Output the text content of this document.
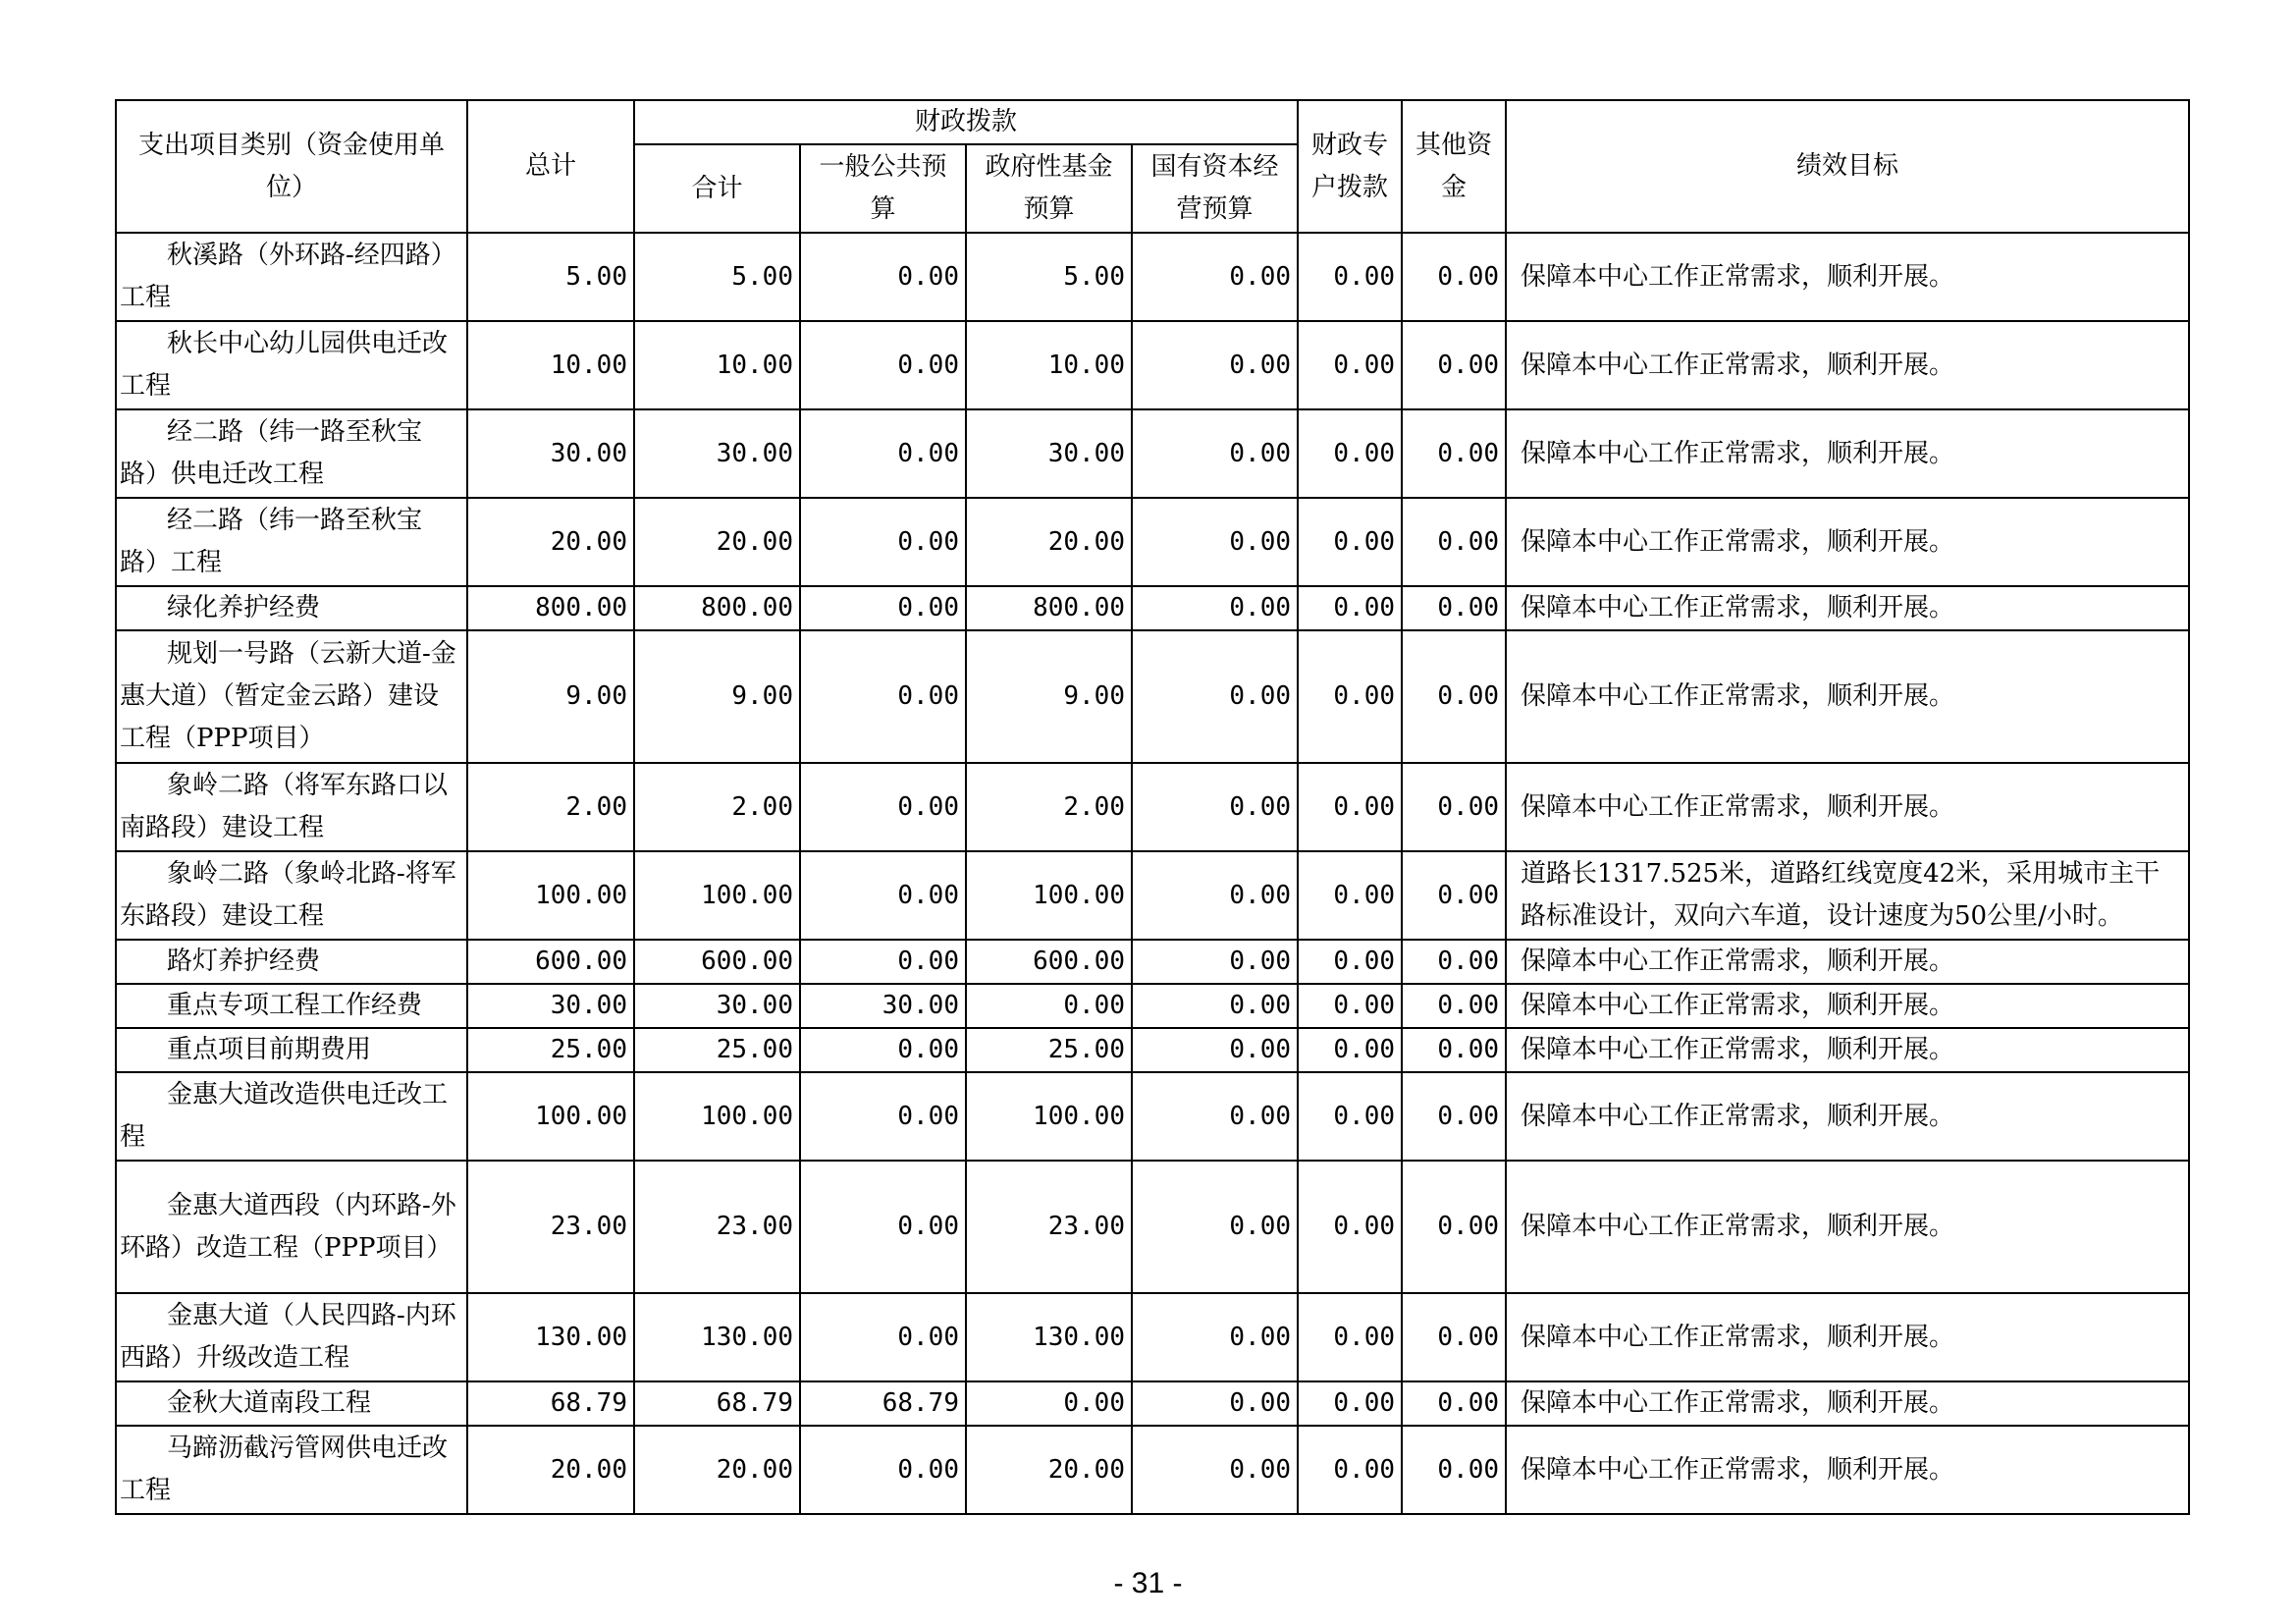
支出项目类别（资金使用单位）	总计	财政拨款				财政专户拨款	其他资金	绩效目标
		合计	一般公共预算	政府性基金预算	国有资本经营预算			

秋溪路（外环路-经四路）工程	5.00	5.00	0.00	5.00	0.00	0.00	0.00	保障本中心工作正常需求，顺利开展。

秋长中心幼儿园供电迁改工程	10.00	10.00	0.00	10.00	0.00	0.00	0.00	保障本中心工作正常需求，顺利开展。

经二路（纬一路至秋宝路）供电迁改工程	30.00	30.00	0.00	30.00	0.00	0.00	0.00	保障本中心工作正常需求，顺利开展。

经二路（纬一路至秋宝路）工程	20.00	20.00	0.00	20.00	0.00	0.00	0.00	保障本中心工作正常需求，顺利开展。

绿化养护经费	800.00	800.00	0.00	800.00	0.00	0.00	0.00	保障本中心工作正常需求，顺利开展。

规划一号路（云新大道-金惠大道）（暂定金云路）建设工程（PPP项目）	9.00	9.00	0.00	9.00	0.00	0.00	0.00	保障本中心工作正常需求，顺利开展。

象岭二路（将军东路口以南路段）建设工程	2.00	2.00	0.00	2.00	0.00	0.00	0.00	保障本中心工作正常需求，顺利开展。

象岭二路（象岭北路-将军东路段）建设工程	100.00	100.00	0.00	100.00	0.00	0.00	0.00	道路长1317.525米，道路红线宽度42米，采用城市主干路标准设计，双向六车道，设计速度为50公里/小时。

路灯养护经费	600.00	600.00	0.00	600.00	0.00	0.00	0.00	保障本中心工作正常需求，顺利开展。

重点专项工程工作经费	30.00	30.00	30.00	0.00	0.00	0.00	0.00	保障本中心工作正常需求，顺利开展。

重点项目前期费用	25.00	25.00	0.00	25.00	0.00	0.00	0.00	保障本中心工作正常需求，顺利开展。

金惠大道改造供电迁改工程	100.00	100.00	0.00	100.00	0.00	0.00	0.00	保障本中心工作正常需求，顺利开展。

金惠大道西段（内环路-外环路）改造工程（PPP项目）	23.00	23.00	0.00	23.00	0.00	0.00	0.00	保障本中心工作正常需求，顺利开展。

金惠大道（人民四路-内环西路）升级改造工程	130.00	130.00	0.00	130.00	0.00	0.00	0.00	保障本中心工作正常需求，顺利开展。

金秋大道南段工程	68.79	68.79	68.79	0.00	0.00	0.00	0.00	保障本中心工作正常需求，顺利开展。

马蹄沥截污管网供电迁改工程	20.00	20.00	0.00	20.00	0.00	0.00	0.00	保障本中心工作正常需求，顺利开展。
- 31 -
